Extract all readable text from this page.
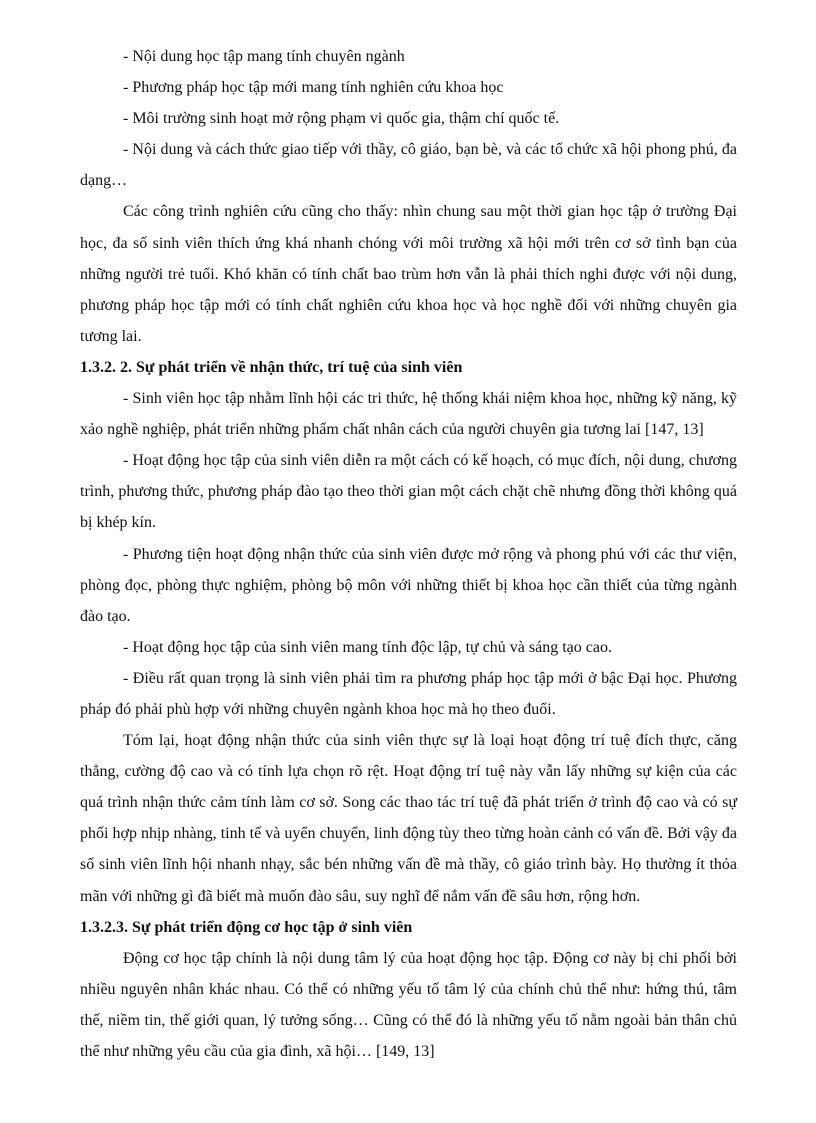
- Nội dung học tập mang tính chuyên ngành

- Phương pháp học tập mới mang tính nghiên cứu khoa học

- Môi trường sinh hoạt mở rộng phạm vi quốc gia, thậm chí quốc tế.

- Nội dung và cách thức giao tiếp với thầy, cô giáo, bạn bè, và các tổ chức xã hội phong phú, đa dạng…

Các công trình nghiên cứu cũng cho thấy: nhìn chung sau một thời gian học tập ở trường Đại học, đa số sinh viên thích ứng khá nhanh chóng với môi trường xã hội mới trên cơ sở tình bạn của những người trẻ tuổi. Khó khăn có tính chất bao trùm hơn vẫn là phải thích nghi được với nội dung, phương pháp học tập mới có tính chất nghiên cứu khoa học và học nghề đối với những chuyên gia tương lai.

1.3.2. 2. Sự phát triển về nhận thức, trí tuệ của sinh viên

- Sinh viên học tập nhằm lĩnh hội các tri thức, hệ thống khái niệm khoa học, những kỹ năng, kỹ xảo nghề nghiệp, phát triển những phẩm chất nhân cách của người chuyên gia tương lai [147, 13]

- Hoạt động học tập của sinh viên diễn ra một cách có kế hoạch, có mục đích, nội dung, chương trình, phương thức, phương pháp đào tạo theo thời gian một cách chặt chẽ nhưng đồng thời không quá bị khép kín.

- Phương tiện hoạt động nhận thức của sinh viên được mở rộng và phong phú với các thư viện, phòng đọc, phòng thực nghiệm, phòng bộ môn với những thiết bị khoa học cần thiết của từng ngành đào tạo.

- Hoạt động học tập của sinh viên mang tính độc lập, tự chủ và sáng tạo cao.

- Điều rất quan trọng là sinh viên phải tìm ra phương pháp học tập mới ở bậc Đại học. Phương pháp đó phải phù hợp với những chuyên ngành khoa học mà họ theo đuổi.

Tóm lại, hoạt động nhận thức của sinh viên thực sự là loại hoạt động trí tuệ đích thực, căng thẳng, cường độ cao và có tính lựa chọn rõ rệt. Hoạt động trí tuệ này vẫn lấy những sự kiện của các quá trình nhận thức cảm tính làm cơ sở. Song các thao tác trí tuệ đã phát triển ở trình độ cao và có sự phối hợp nhịp nhàng, tinh tế và uyển chuyển, linh động tùy theo từng hoàn cảnh có vấn đề. Bởi vậy đa số sinh viên lĩnh hội nhanh nhạy, sắc bén những vấn đề mà thầy, cô giáo trình bày. Họ thường ít thỏa mãn với những gì đã biết mà muốn đào sâu, suy nghĩ để nắm vấn đề sâu hơn, rộng hơn.

1.3.2.3. Sự phát triển động cơ học tập ở sinh viên

Động cơ học tập chính là nội dung tâm lý của hoạt động học tập. Động cơ này bị chi phối bởi nhiều nguyên nhân khác nhau. Có thể có những yếu tố tâm lý của chính chủ thể như: hứng thú, tâm thế, niềm tin, thế giới quan, lý tưởng sống… Cũng có thể đó là những yếu tố nằm ngoài bản thân chủ thể như những yêu cầu của gia đình, xã hội… [149, 13]
